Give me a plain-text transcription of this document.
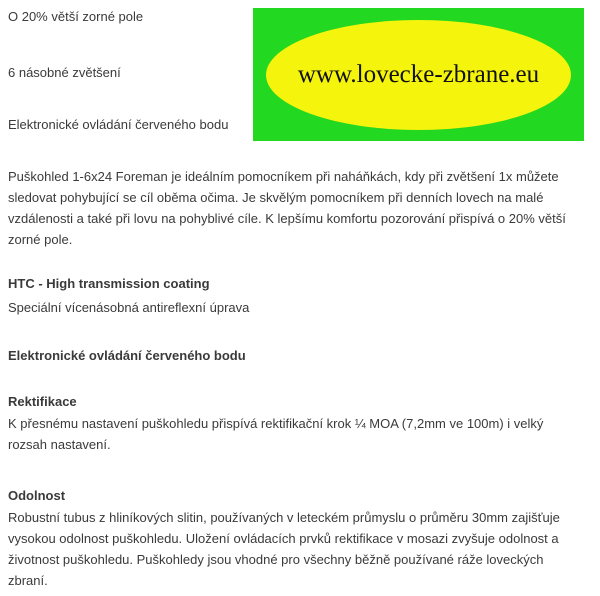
O 20% větší zorné pole
6 násobné zvětšení
Elektronické ovládání červeného bodu
www.lovecke-zbrane.eu
Puškohled 1-6x24 Foreman je ideálním pomocníkem při naháňkách, kdy při zvětšení 1x můžete
sledovat pohybující se cíl oběma očima. Je skvělým pomocníkem při denních lovech na malé
vzdálenosti a také při lovu na pohyblivé cíle. K lepšímu komfortu pozorování přispívá o 20% větší
zorné pole.
HTC - High transmission coating
Speciální vícenásobná antireflexní úprava
Elektronické ovládání červeného bodu
Rektifikace
K přesnému nastavení puškohledu přispívá rektifikační krok ¼ MOA (7,2mm ve 100m) i velký
rozsah nastavení.
Odolnost
Robustní tubus z hliníkových slitin, používaných v leteckém průmyslu o průměru 30mm zajišťuje
vysokou odolnost puškohledu. Uložení ovládacích prvků rektifikace v mosazi zvyšuje odolnost a
životnost puškohledu. Puškohledy jsou vhodné pro všechny běžně používané ráže loveckých
zbraní.
